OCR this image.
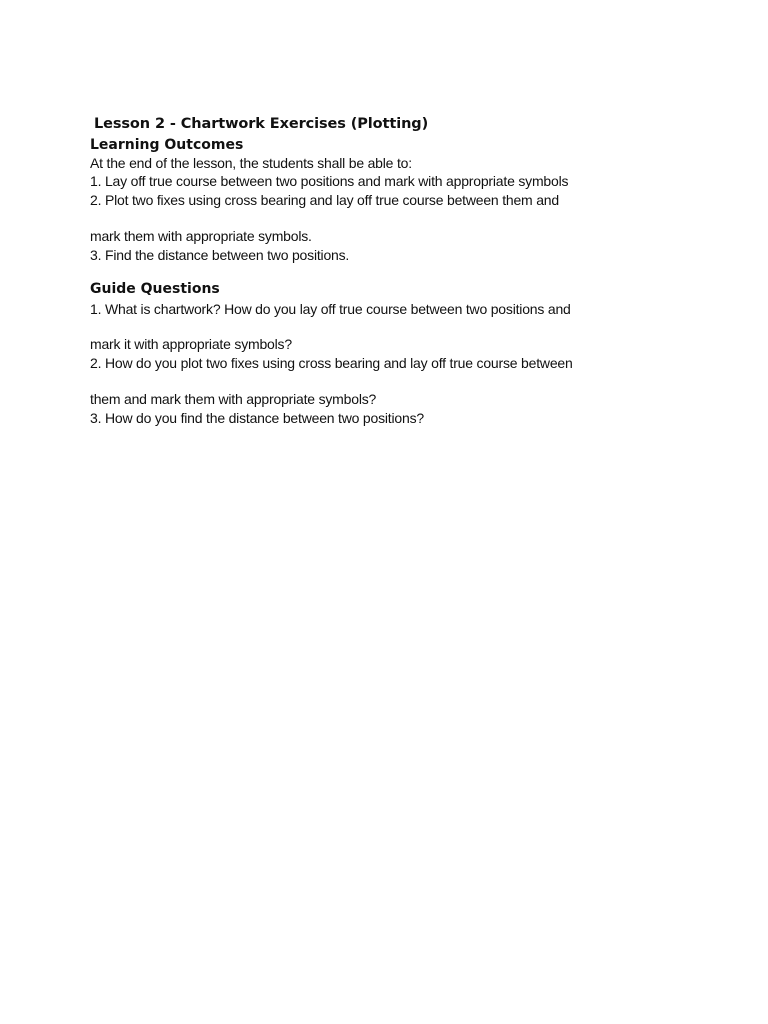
Lesson 2 - Chartwork Exercises (Plotting)
Learning Outcomes

At the end of the lesson, the students shall be able to:

1. Lay off true course between two positions and mark with appropriate symbols

2. Plot two fixes using cross bearing and lay off true course between them and

mark them with appropriate symbols.

3. Find the distance between two positions.

Guide Questions

1. What is chartwork? How do you lay off true course between two positions and

mark it with appropriate symbols?

2. How do you plot two fixes using cross bearing and lay off true course between

them and mark them with appropriate symbols?

3. How do you find the distance between two positions?
